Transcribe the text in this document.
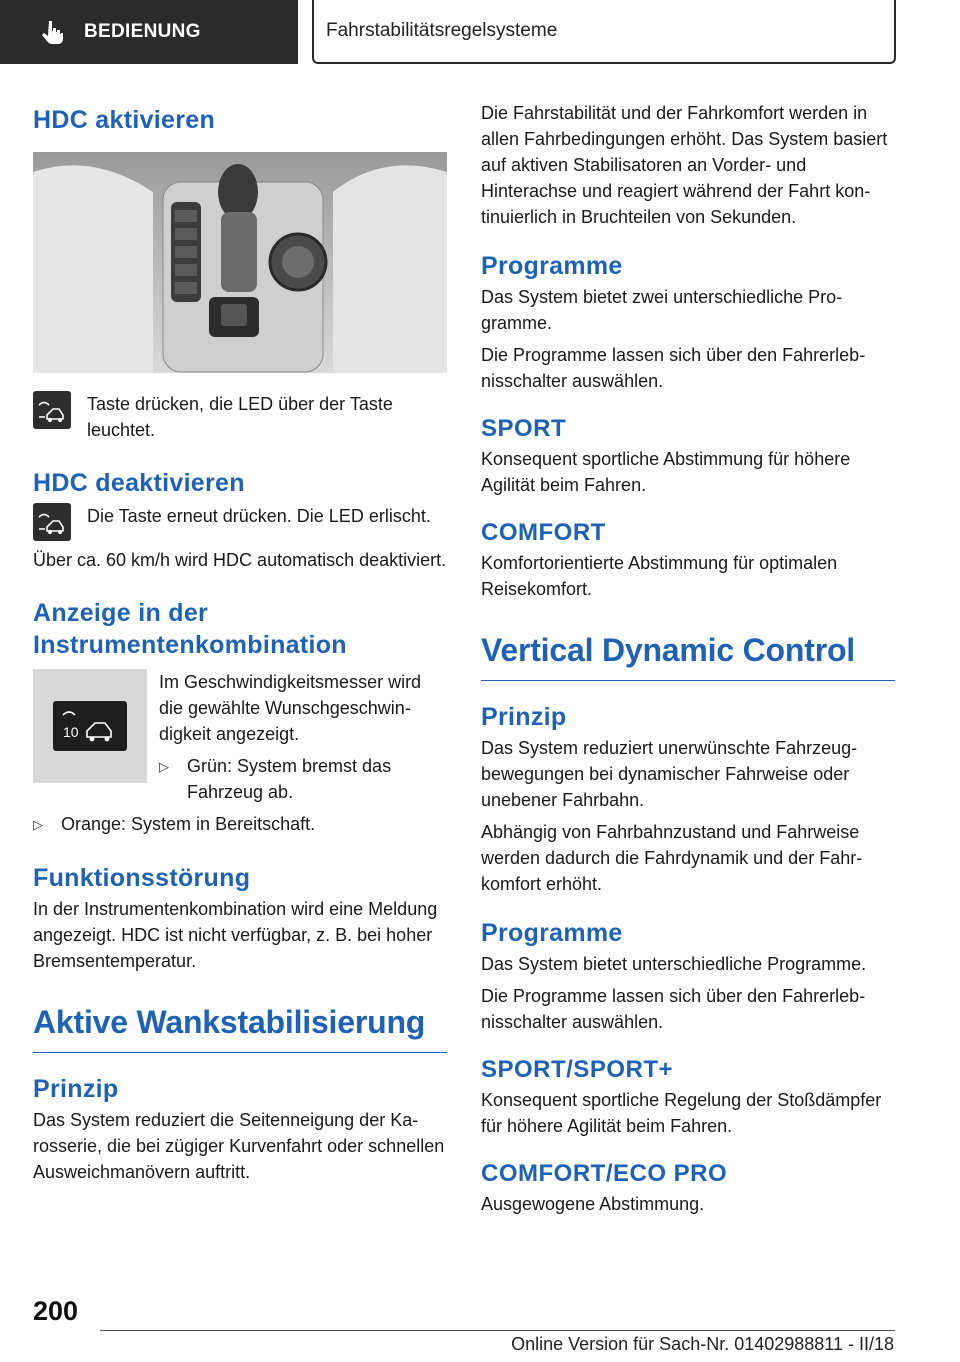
BEDIENUNG	Fahrstabilitätsregelsysteme
HDC aktivieren

Taste drücken, die LED über der Taste leuchtet.

HDC deaktivieren

Die Taste erneut drücken. Die LED erlischt.

Über ca. 60 km/h wird HDC automatisch deaktiviert.

Anzeige in der
Instrumentenkombination
10

Im Geschwindigkeitsmesser wird die gewählte Wunschgeschwindigkeit angezeigt.

▷	Grün: System bremst das Fahrzeug ab.
▷	Orange: System in Bereitschaft.
Funktionsstörung

In der Instrumentenkombination wird eine Meldung angezeigt. HDC ist nicht verfügbar, z. B. bei hoher Bremsentemperatur.

Aktive Wankstabilisierung
Prinzip

Das System reduziert die Seitenneigung der Karosserie, die bei zügiger Kurvenfahrt oder schnellen Ausweichmanövern auftritt.

Die Fahrstabilität und der Fahrkomfort werden in allen Fahrbedingungen erhöht. Das System basiert auf aktiven Stabilisatoren an Vorder- und Hinterachse und reagiert während der Fahrt kontinuierlich in Bruchteilen von Sekunden.

Programme

Das System bietet zwei unterschiedliche Programme.

Die Programme lassen sich über den Fahrerlebnisschalter auswählen.

SPORT

Konsequent sportliche Abstimmung für höhere Agilität beim Fahren.

COMFORT

Komfortorientierte Abstimmung für optimalen Reisekomfort.

Vertical Dynamic Control
Prinzip

Das System reduziert unerwünschte Fahrzeugbewegungen bei dynamischer Fahrweise oder unebener Fahrbahn.

Abhängig von Fahrbahnzustand und Fahrweise werden dadurch die Fahrdynamik und der Fahrkomfort erhöht.

Programme

Das System bietet unterschiedliche Programme.

Die Programme lassen sich über den Fahrerlebnisschalter auswählen.

SPORT/SPORT+

Konsequent sportliche Regelung der Stoßdämpfer für höhere Agilität beim Fahren.

COMFORT/ECO PRO

Ausgewogene Abstimmung.

200
Online Version für Sach-Nr. 01402988811 - II/18
